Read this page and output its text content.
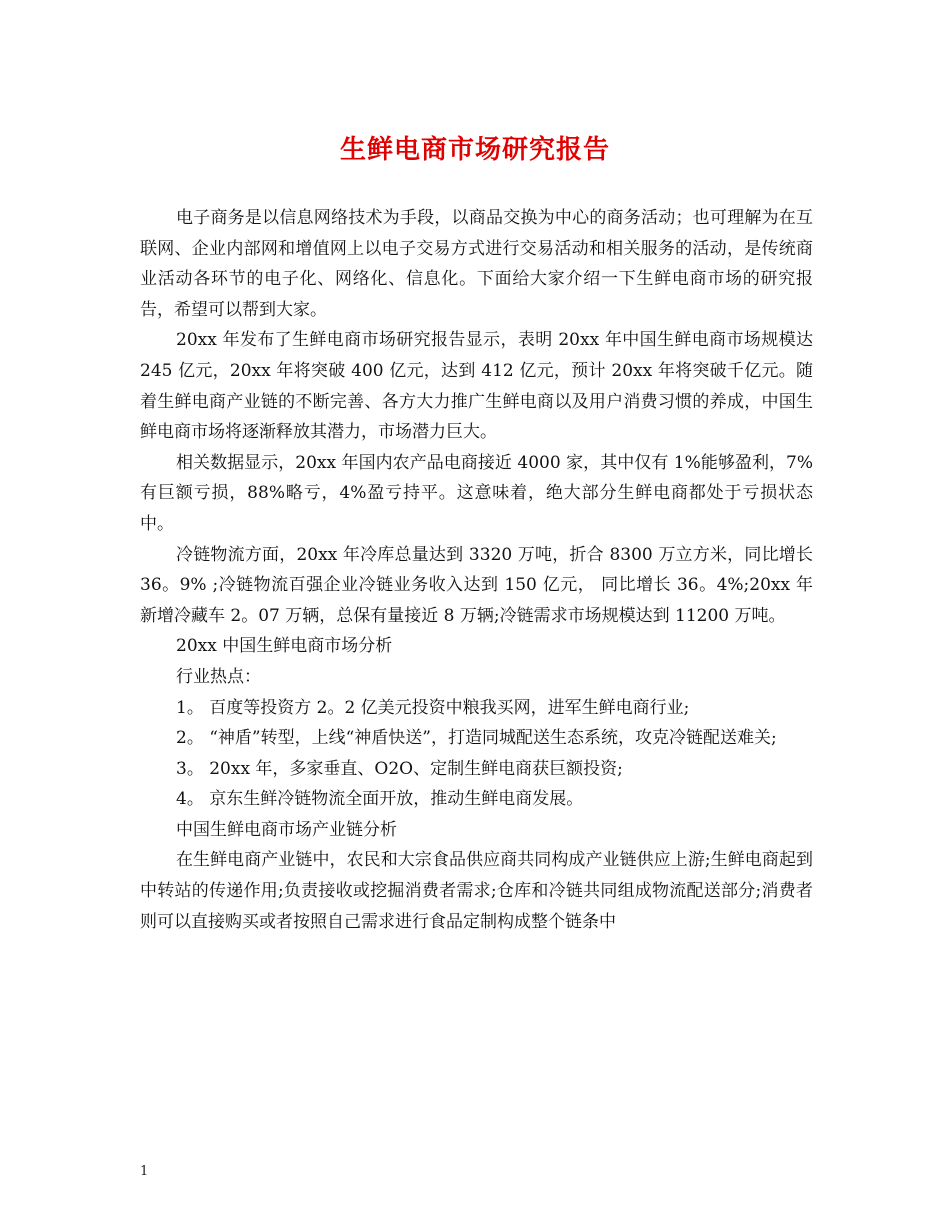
生鲜电商市场研究报告

电子商务是以信息网络技术为手段，以商品交换为中心的商务活动；也可理解为在互联网、企业内部网和增值网上以电子交易方式进行交易活动和相关服务的活动，是传统商业活动各环节的电子化、网络化、信息化。下面给大家介绍一下生鲜电商市场的研究报告，希望可以帮到大家。

20xx 年发布了生鲜电商市场研究报告显示，表明 20xx 年中国生鲜电商市场规模达 245 亿元，20xx 年将突破 400 亿元，达到 412 亿元，预计 20xx 年将突破千亿元。随着生鲜电商产业链的不断完善、各方大力推广生鲜电商以及用户消费习惯的养成，中国生鲜电商市场将逐渐释放其潜力，市场潜力巨大。

相关数据显示，20xx 年国内农产品电商接近 4000 家，其中仅有 1%能够盈利，7%有巨额亏损，88%略亏，4%盈亏持平。这意味着，绝大部分生鲜电商都处于亏损状态中。

冷链物流方面，20xx 年冷库总量达到 3320 万吨，折合 8300 万立方米，同比增长 36。9% ;冷链物流百强企业冷链业务收入达到 150 亿元， 同比增长 36。4%;20xx 年新增冷藏车 2。07 万辆，总保有量接近 8 万辆;冷链需求市场规模达到 11200 万吨。

20xx 中国生鲜电商市场分析

行业热点：

1。 百度等投资方 2。2 亿美元投资中粮我买网，进军生鲜电商行业;

2。 “神盾”转型，上线“神盾快送”，打造同城配送生态系统，攻克冷链配送难关;

3。 20xx 年，多家垂直、O2O、定制生鲜电商获巨额投资;

4。 京东生鲜冷链物流全面开放，推动生鲜电商发展。

中国生鲜电商市场产业链分析

在生鲜电商产业链中，农民和大宗食品供应商共同构成产业链供应上游;生鲜电商起到中转站的传递作用;负责接收或挖掘消费者需求;仓库和冷链共同组成物流配送部分;消费者则可以直接购买或者按照自己需求进行食品定制构成整个链条中

1
